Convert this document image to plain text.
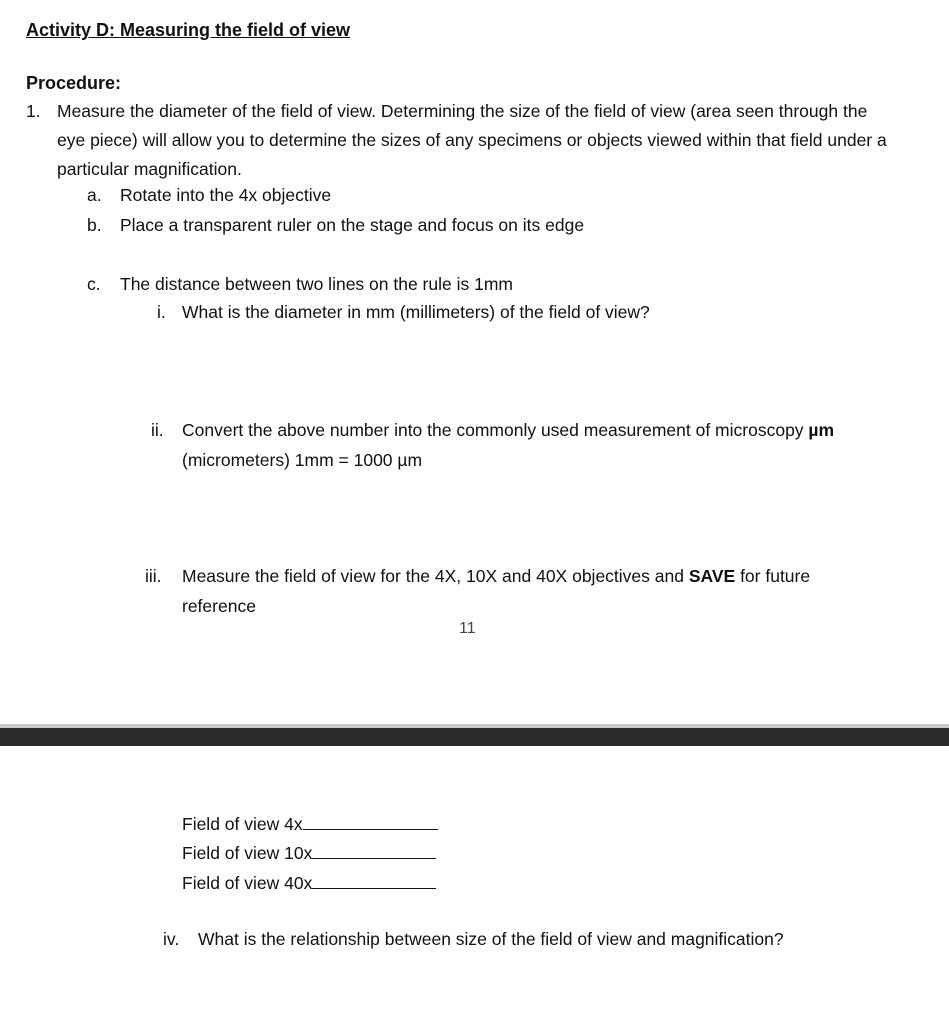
Activity D: Measuring the field of view
Procedure:
1. Measure the diameter of the field of view. Determining the size of the field of view (area seen through the eye piece) will allow you to determine the sizes of any specimens or objects viewed within that field under a particular magnification.
a. Rotate into the 4x objective
b. Place a transparent ruler on the stage and focus on its edge
c. The distance between two lines on the rule is 1mm
i. What is the diameter in mm (millimeters) of the field of view?
ii. Convert the above number into the commonly used measurement of microscopy µm
(micrometers) 1mm = 1000 µm
iii. Measure the field of view for the 4X, 10X and 40X objectives and SAVE for future
reference
11
Field of view 4x
Field of view 10x
Field of view 40x
iv. What is the relationship between size of the field of view and magnification?
